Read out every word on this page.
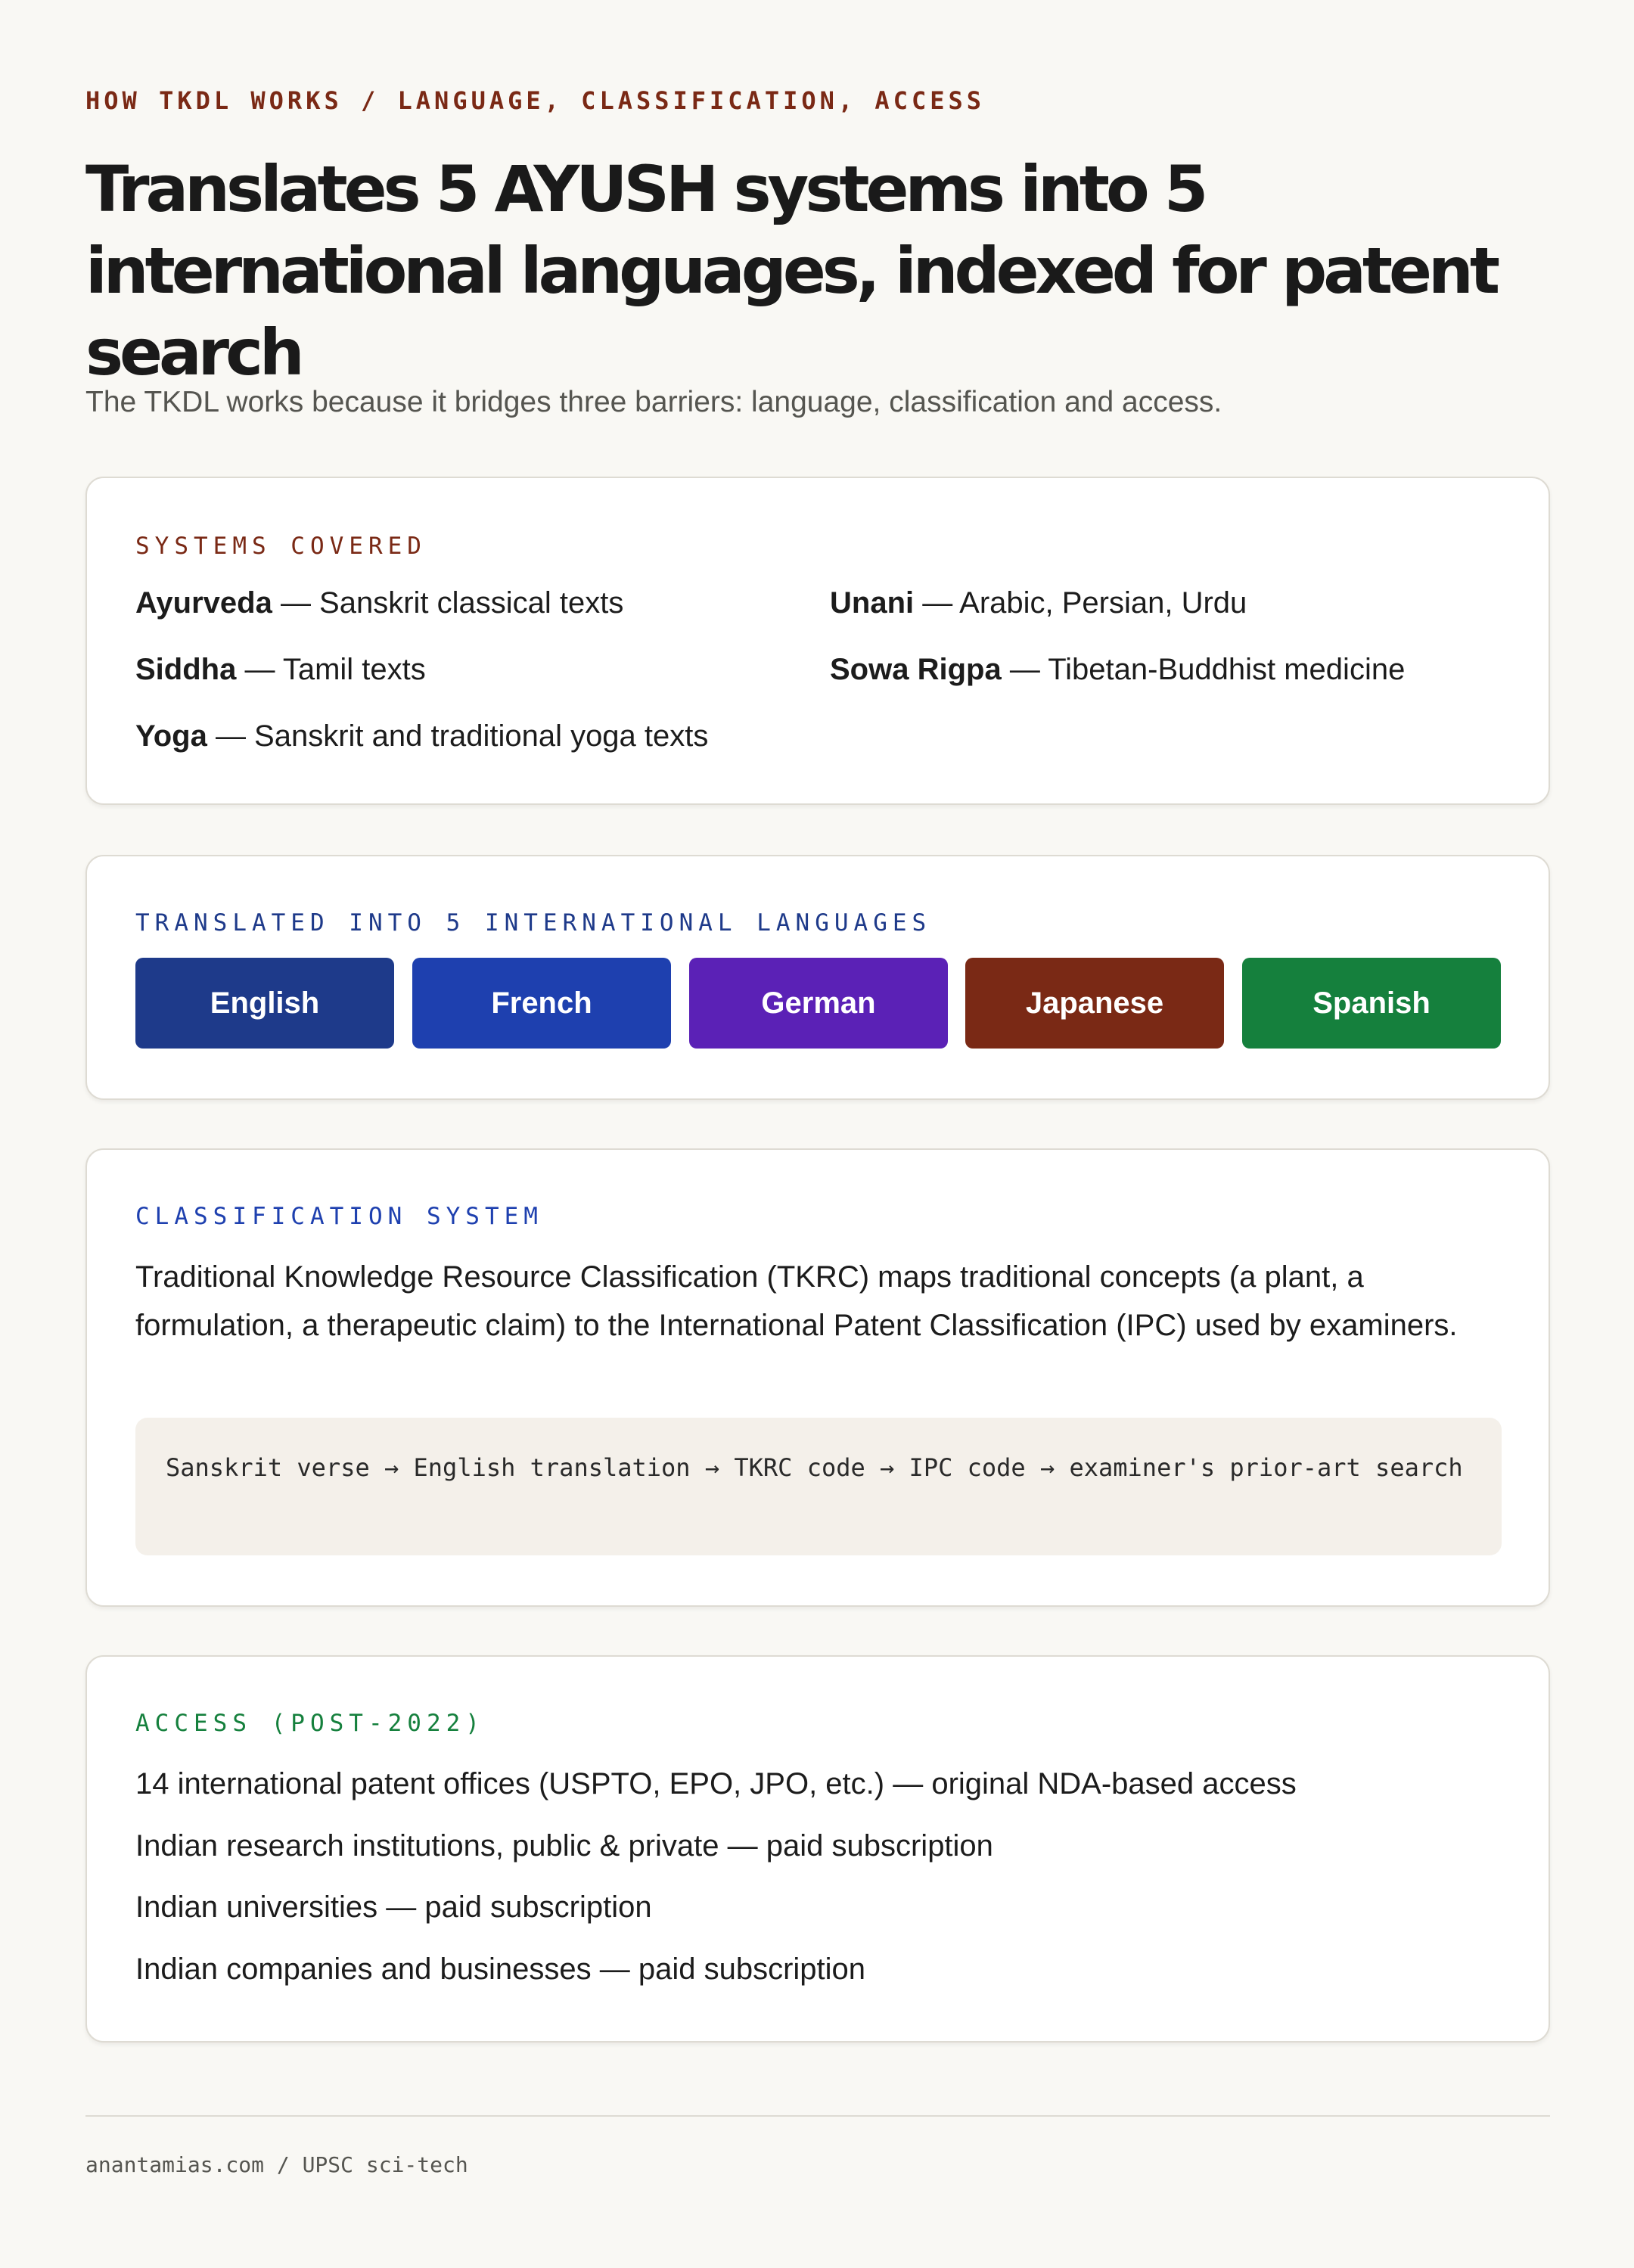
HOW TKDL WORKS / LANGUAGE, CLASSIFICATION, ACCESS
Translates 5 AYUSH systems into 5 international languages, indexed for patent search
The TKDL works because it bridges three barriers: language, classification and access.
SYSTEMS COVERED
Ayurveda — Sanskrit classical texts	Unani — Arabic, Persian, Urdu
Siddha — Tamil texts	Sowa Rigpa — Tibetan-Buddhist medicine
Yoga — Sanskrit and traditional yoga texts
TRANSLATED INTO 5 INTERNATIONAL LANGUAGES
English	French	German	Japanese	Spanish
CLASSIFICATION SYSTEM
Traditional Knowledge Resource Classification (TKRC) maps traditional concepts (a plant, a formulation, a therapeutic claim) to the International Patent Classification (IPC) used by examiners.
Sanskrit verse → English translation → TKRC code → IPC code → examiner's prior-art search
ACCESS (POST-2022)
14 international patent offices (USPTO, EPO, JPO, etc.) — original NDA-based access
Indian research institutions, public & private — paid subscription
Indian universities — paid subscription
Indian companies and businesses — paid subscription
anantamias.com / UPSC sci-tech
